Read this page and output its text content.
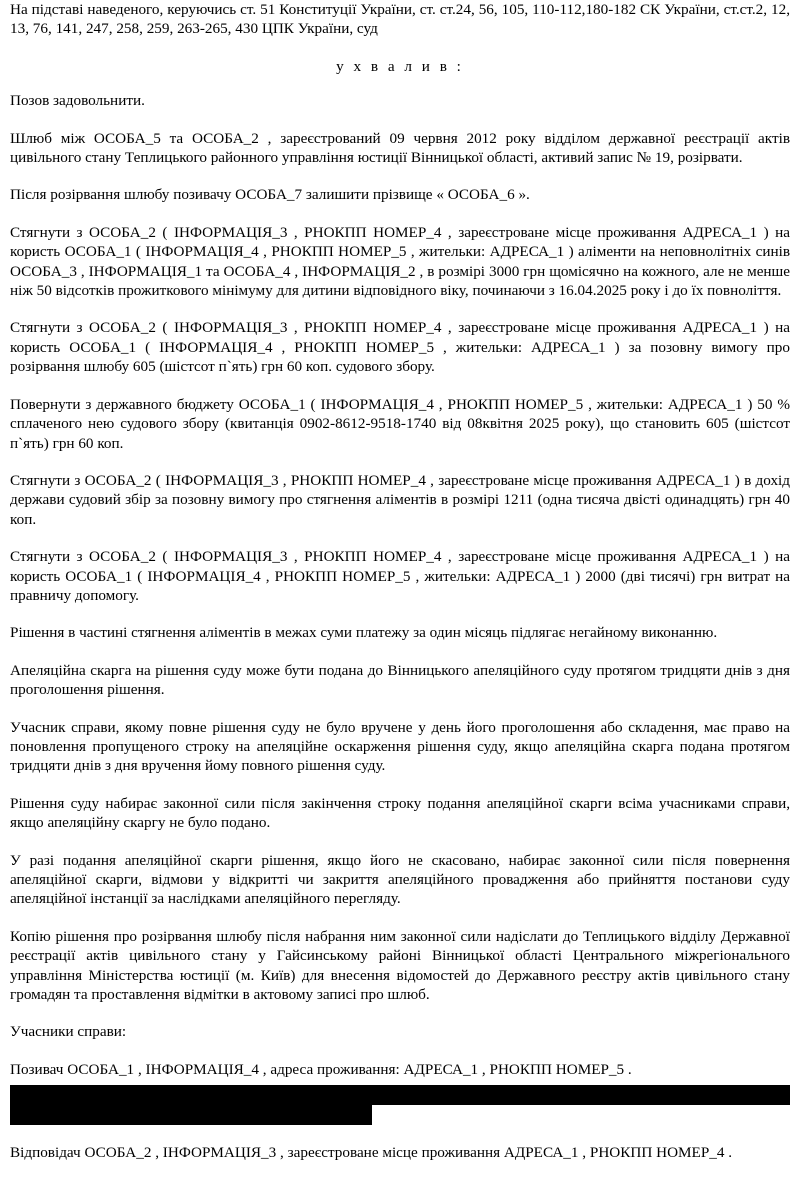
На підставі наведеного, керуючись ст. 51 Конституції України, ст. ст.24, 56, 105, 110-112,180-182 СК України, ст.ст.2, 12, 13, 76, 141, 247, 258, 259, 263-265, 430 ЦПК України, суд

у х в а л и в :

Позов задовольнити.

Шлюб між ОСОБА_5 та ОСОБА_2 , зареєстрований 09 червня 2012 року відділом державної реєстрації актів цивільного стану Теплицького районного управління юстиції Вінницької області, активий запис № 19, розірвати.

Після розірвання шлюбу позивачу ОСОБА_7 залишити прізвище « ОСОБА_6 ».

Стягнути з ОСОБА_2 ( ІНФОРМАЦІЯ_3 , РНОКПП НОМЕР_4 , зареєстроване місце проживання АДРЕСА_1 ) на користь ОСОБА_1 ( ІНФОРМАЦІЯ_4 , РНОКПП НОМЕР_5 , жительки: АДРЕСА_1 ) аліменти на неповнолітніх синів ОСОБА_3 , ІНФОРМАЦІЯ_1 та ОСОБА_4 , ІНФОРМАЦІЯ_2 , в розмірі 3000 грн щомісячно на кожного, але не менше ніж 50 відсотків прожиткового мінімуму для дитини відповідного віку, починаючи з 16.04.2025 року і до їх повноліття.

Стягнути з ОСОБА_2 ( ІНФОРМАЦІЯ_3 , РНОКПП НОМЕР_4 , зареєстроване місце проживання АДРЕСА_1 ) на користь ОСОБА_1 ( ІНФОРМАЦІЯ_4 , РНОКПП НОМЕР_5 , жительки: АДРЕСА_1 ) за позовну вимогу про розірвання шлюбу 605 (шістсот п`ять) грн 60 коп. судового збору.

Повернути з державного бюджету ОСОБА_1 ( ІНФОРМАЦІЯ_4 , РНОКПП НОМЕР_5 , жительки: АДРЕСА_1 ) 50 % сплаченого нею судового збору (квитанція 0902-8612-9518-1740 від 08квітня 2025 року), що становить 605 (шістсот п`ять) грн 60 коп.

Стягнути з ОСОБА_2 ( ІНФОРМАЦІЯ_3 , РНОКПП НОМЕР_4 , зареєстроване місце проживання АДРЕСА_1 ) в дохід держави судовий збір за позовну вимогу про стягнення аліментів в розмірі 1211 (одна тисяча двісті одинадцять) грн 40 коп.

Стягнути з ОСОБА_2 ( ІНФОРМАЦІЯ_3 , РНОКПП НОМЕР_4 , зареєстроване місце проживання АДРЕСА_1 ) на користь ОСОБА_1 ( ІНФОРМАЦІЯ_4 , РНОКПП НОМЕР_5 , жительки: АДРЕСА_1 ) 2000 (дві тисячі) грн витрат на правничу допомогу.

Рішення в частині стягнення аліментів в межах суми платежу за один місяць підлягає негайному виконанню.

Апеляційна скарга на рішення суду може бути подана до Вінницького апеляційного суду протягом тридцяти днів з дня проголошення рішення.

Учасник справи, якому повне рішення суду не було вручене у день його проголошення або складення, має право на поновлення пропущеного строку на апеляційне оскарження рішення суду, якщо апеляційна скарга подана протягом тридцяти днів з дня вручення йому повного рішення суду.

Рішення суду набирає законної сили після закінчення строку подання апеляційної скарги всіма учасниками справи, якщо апеляційну скаргу не було подано.

У разі подання апеляційної скарги рішення, якщо його не скасовано, набирає законної сили після повернення апеляційної скарги, відмови у відкритті чи закриття апеляційного провадження або прийняття постанови суду апеляційної інстанції за наслідками апеляційного перегляду.

Копію рішення про розірвання шлюбу після набрання ним законної сили надіслати до Теплицького відділу Державної реєстрації актів цивільного стану у Гайсинському районі Вінницької області Центрального міжрегіонального управління Міністерства юстиції (м. Київ) для внесення відомостей до Державного реєстру актів цивільного стану громадян та проставлення відмітки в актовому записі про шлюб.

Учасники справи:

Позивач ОСОБА_1 , ІНФОРМАЦІЯ_4 , адреса проживання: АДРЕСА_1 , РНОКПП НОМЕР_5 .

Відповідач ОСОБА_2 , ІНФОРМАЦІЯ_3 , зареєстроване місце проживання АДРЕСА_1 , РНОКПП НОМЕР_4 .
